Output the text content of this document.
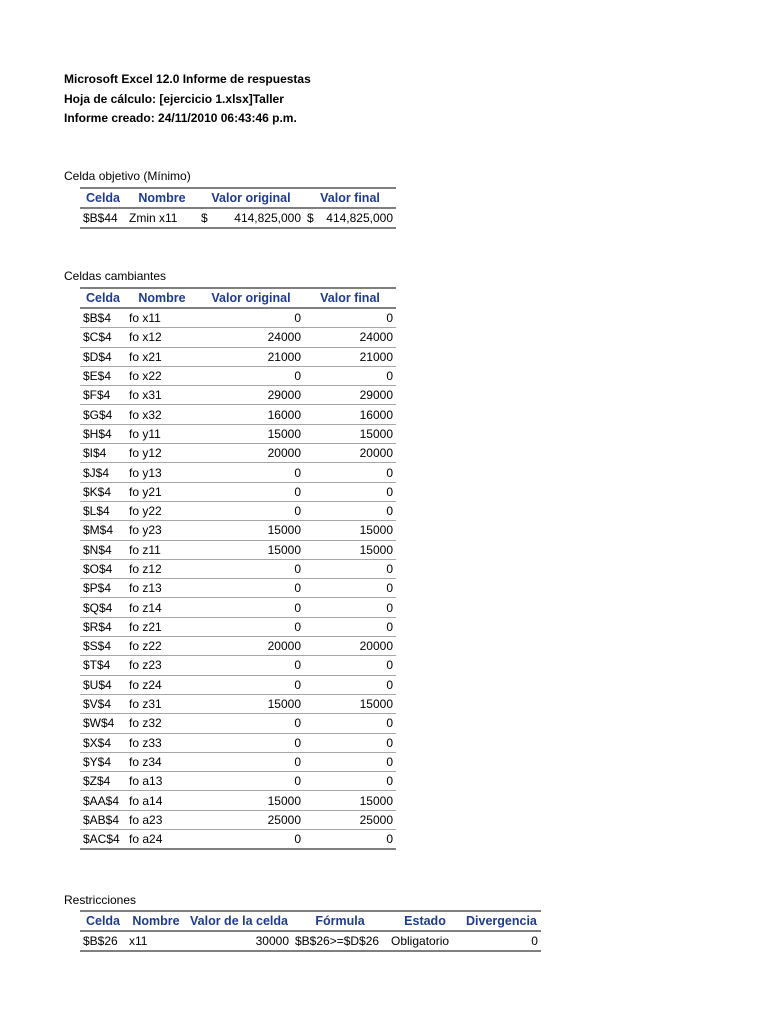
Microsoft Excel 12.0 Informe de respuestas
Hoja de cálculo: [ejercicio 1.xlsx]Taller
Informe creado: 24/11/2010 06:43:46 p.m.
Celda objetivo (Mínimo)
Celda	Nombre	Valor original	Valor final
$B$44	Zmin x11	$ 414,825,000	$ 414,825,000
Celdas cambiantes
Celda	Nombre	Valor original	Valor final
$B$4	fo x11	0	0
$C$4	fo x12	24000	24000
$D$4	fo x21	21000	21000
$E$4	fo x22	0	0
$F$4	fo x31	29000	29000
$G$4	fo x32	16000	16000
$H$4	fo y11	15000	15000
$I$4	fo y12	20000	20000
$J$4	fo y13	0	0
$K$4	fo y21	0	0
$L$4	fo y22	0	0
$M$4	fo y23	15000	15000
$N$4	fo z11	15000	15000
$O$4	fo z12	0	0
$P$4	fo z13	0	0
$Q$4	fo z14	0	0
$R$4	fo z21	0	0
$S$4	fo z22	20000	20000
$T$4	fo z23	0	0
$U$4	fo z24	0	0
$V$4	fo z31	15000	15000
$W$4	fo z32	0	0
$X$4	fo z33	0	0
$Y$4	fo z34	0	0
$Z$4	fo a13	0	0
$AA$4	fo a14	15000	15000
$AB$4	fo a23	25000	25000
$AC$4	fo a24	0	0
Restricciones
Celda	Nombre	Valor de la celda	Fórmula	Estado	Divergencia
$B$26	x11	30000	$B$26>=$D$26	Obligatorio	0
